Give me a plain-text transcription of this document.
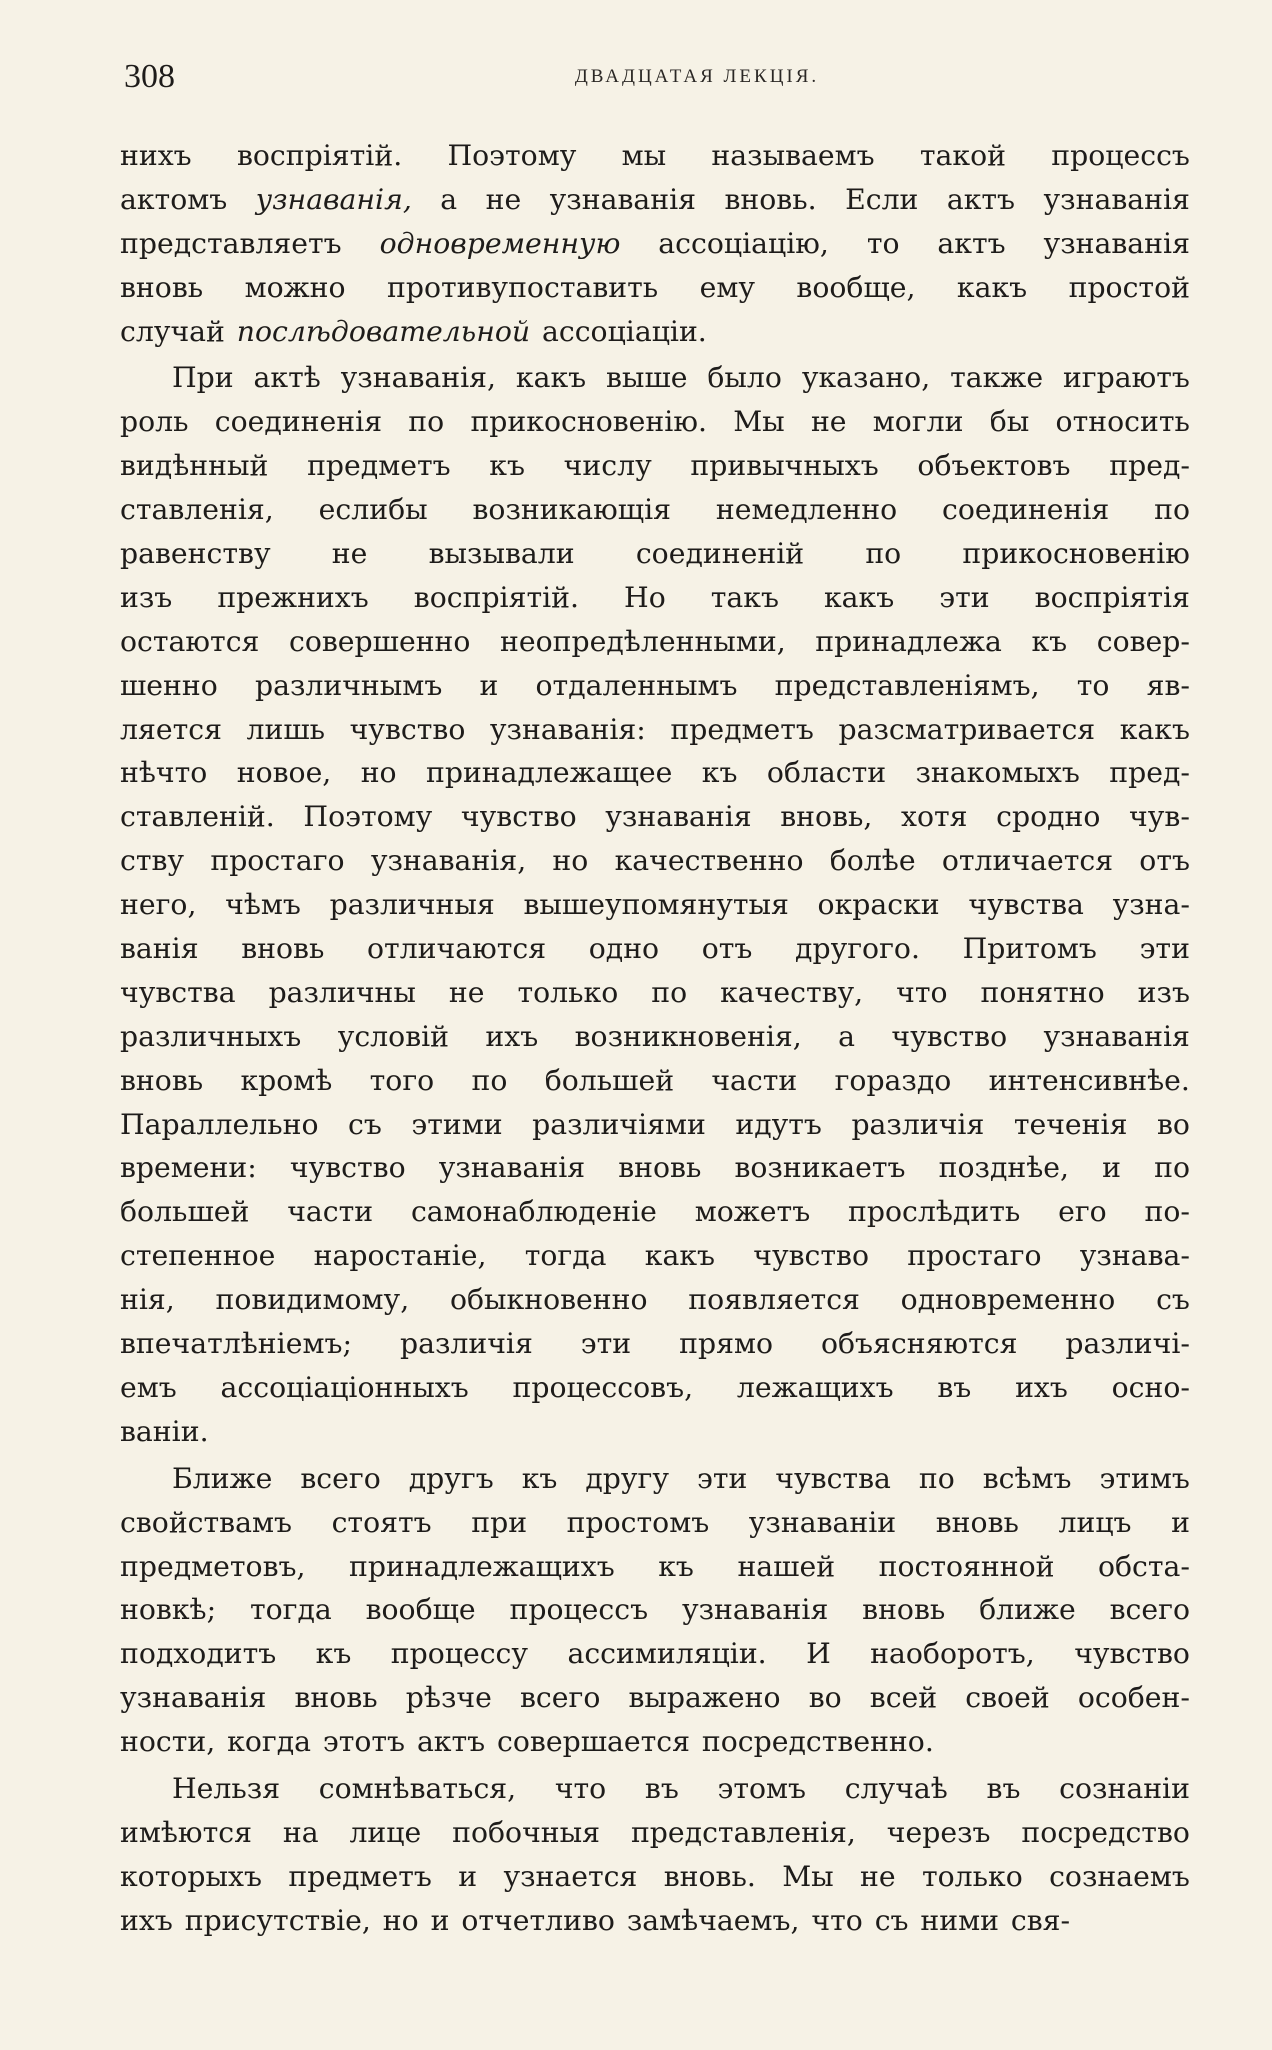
308	ДВАДЦАТАЯ ЛЕКЦІЯ.
нихъ воспріятій. Поэтому мы называемъ такой процессъ
актомъ узнаванія, а не узнаванія вновь. Если актъ узнаванія
представляетъ одновременную ассоціацію, то актъ узнаванія
вновь можно противупоставить ему вообще, какъ простой
случай послѣдовательной ассоціаціи.
При актѣ узнаванія, какъ выше было указано, также играютъ
роль соединенія по прикосновенію. Мы не могли бы относить
видѣнный предметъ къ числу привычныхъ объектовъ пред-
ставленія, еслибы возникающія немедленно соединенія по
равенству не вызывали соединеній по прикосновенію
изъ прежнихъ воспріятій. Но такъ какъ эти воспріятія
остаются совершенно неопредѣленными, принадлежа къ совер-
шенно различнымъ и отдаленнымъ представленіямъ, то яв-
ляется лишь чувство узнаванія: предметъ разсматривается какъ
нѣчто новое, но принадлежащее къ области знакомыхъ пред-
ставленій. Поэтому чувство узнаванія вновь, хотя сродно чув-
ству простаго узнаванія, но качественно болѣе отличается отъ
него, чѣмъ различныя вышеупомянутыя окраски чувства узна-
ванія вновь отличаются одно отъ другого. Притомъ эти
чувства различны не только по качеству, что понятно изъ
различныхъ условій ихъ возникновенія, а чувство узнаванія
вновь кромѣ того по большей части гораздо интенсивнѣе.
Параллельно съ этими различіями идутъ различія теченія во
времени: чувство узнаванія вновь возникаетъ позднѣе, и по
большей части самонаблюденіе можетъ прослѣдить его по-
степенное наростаніе, тогда какъ чувство простаго узнава-
нія, повидимому, обыкновенно появляется одновременно съ
впечатлѣніемъ; различія эти прямо объясняются различі-
емъ ассоціаціонныхъ процессовъ, лежащихъ въ ихъ осно-
ваніи.
Ближе всего другъ къ другу эти чувства по всѣмъ этимъ
свойствамъ стоятъ при простомъ узнаваніи вновь лицъ и
предметовъ, принадлежащихъ къ нашей постоянной обста-
новкѣ; тогда вообще процессъ узнаванія вновь ближе всего
подходитъ къ процессу ассимиляціи. И наоборотъ, чувство
узнаванія вновь рѣзче всего выражено во всей своей особен-
ности, когда этотъ актъ совершается посредственно.
Нельзя сомнѣваться, что въ этомъ случаѣ въ сознаніи
имѣются на лице побочныя представленія, черезъ посредство
которыхъ предметъ и узнается вновь. Мы не только сознаемъ
ихъ присутствіе, но и отчетливо замѣчаемъ, что съ ними свя-
